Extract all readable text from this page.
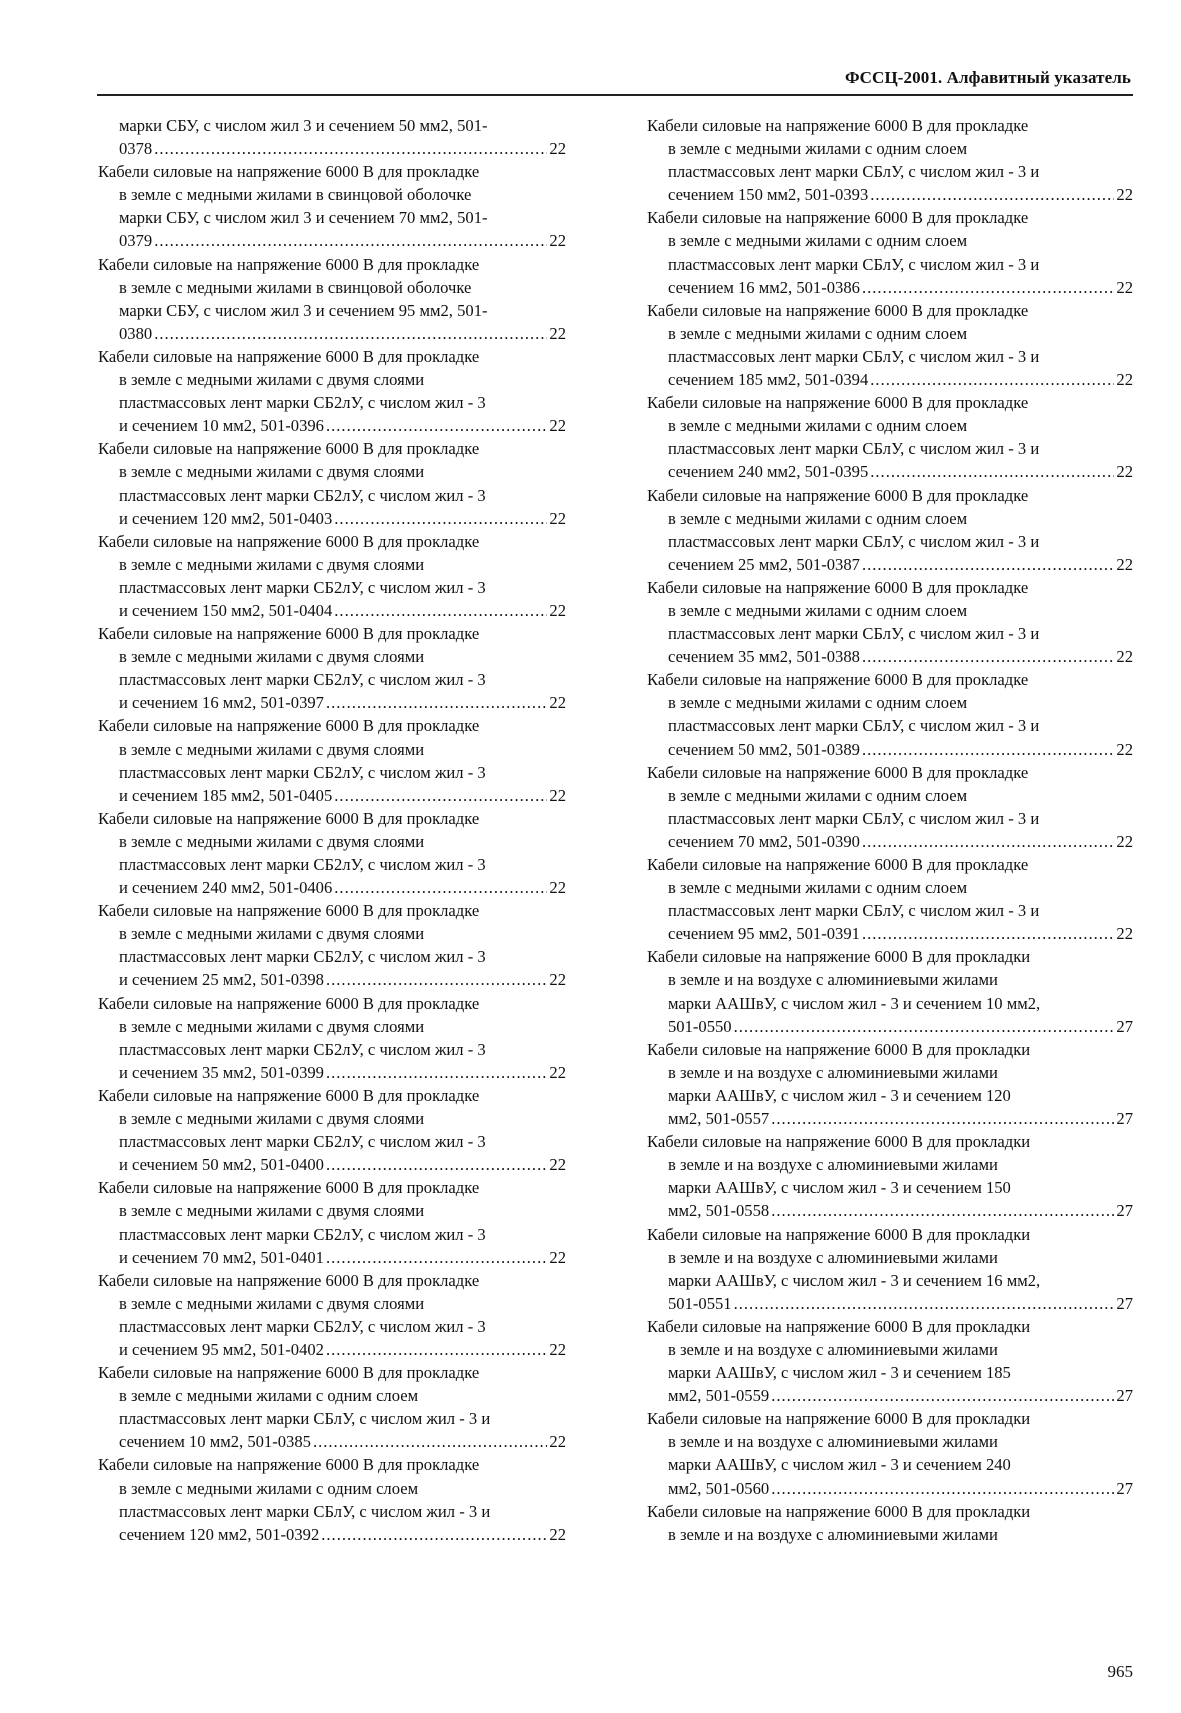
ФССЦ-2001. Алфавитный указатель
марки СБУ, с числом жил 3 и сечением 50 мм2, 501-
0378 .....	22
Кабели силовые на напряжение 6000 В для прокладке
в земле с медными жилами в свинцовой оболочке
марки СБУ, с числом жил 3 и сечением 70 мм2, 501-
0379 .....	22
Кабели силовые на напряжение 6000 В для прокладке
в земле с медными жилами в свинцовой оболочке
марки СБУ, с числом жил 3 и сечением 95 мм2, 501-
0380 .....	22
Кабели силовые на напряжение 6000 В для прокладке
в земле с медными жилами с двумя слоями
пластмассовых лент марки СБ2лУ, с числом жил - 3
и сечением 10 мм2, 501-0396 .....	22
Кабели силовые на напряжение 6000 В для прокладке
в земле с медными жилами с двумя слоями
пластмассовых лент марки СБ2лУ, с числом жил - 3
и сечением 120 мм2, 501-0403 .....	22
Кабели силовые на напряжение 6000 В для прокладке
в земле с медными жилами с двумя слоями
пластмассовых лент марки СБ2лУ, с числом жил - 3
и сечением 150 мм2, 501-0404 .....	22
Кабели силовые на напряжение 6000 В для прокладке
в земле с медными жилами с двумя слоями
пластмассовых лент марки СБ2лУ, с числом жил - 3
и сечением 16 мм2, 501-0397 .....	22
Кабели силовые на напряжение 6000 В для прокладке
в земле с медными жилами с двумя слоями
пластмассовых лент марки СБ2лУ, с числом жил - 3
и сечением 185 мм2, 501-0405 .....	22
Кабели силовые на напряжение 6000 В для прокладке
в земле с медными жилами с двумя слоями
пластмассовых лент марки СБ2лУ, с числом жил - 3
и сечением 240 мм2, 501-0406 .....	22
Кабели силовые на напряжение 6000 В для прокладке
в земле с медными жилами с двумя слоями
пластмассовых лент марки СБ2лУ, с числом жил - 3
и сечением 25 мм2, 501-0398 .....	22
Кабели силовые на напряжение 6000 В для прокладке
в земле с медными жилами с двумя слоями
пластмассовых лент марки СБ2лУ, с числом жил - 3
и сечением 35 мм2, 501-0399 .....	22
Кабели силовые на напряжение 6000 В для прокладке
в земле с медными жилами с двумя слоями
пластмассовых лент марки СБ2лУ, с числом жил - 3
и сечением 50 мм2, 501-0400 .....	22
Кабели силовые на напряжение 6000 В для прокладке
в земле с медными жилами с двумя слоями
пластмассовых лент марки СБ2лУ, с числом жил - 3
и сечением 70 мм2, 501-0401 .....	22
Кабели силовые на напряжение 6000 В для прокладке
в земле с медными жилами с двумя слоями
пластмассовых лент марки СБ2лУ, с числом жил - 3
и сечением 95 мм2, 501-0402 .....	22
Кабели силовые на напряжение 6000 В для прокладке
в земле с медными жилами с одним слоем
пластмассовых лент марки СБлУ, с числом жил - 3 и
сечением 10 мм2, 501-0385 .....	22
Кабели силовые на напряжение 6000 В для прокладке
в земле с медными жилами с одним слоем
пластмассовых лент марки СБлУ, с числом жил - 3 и
сечением 120 мм2, 501-0392 .....	22
Кабели силовые на напряжение 6000 В для прокладке
в земле с медными жилами с одним слоем
пластмассовых лент марки СБлУ, с числом жил - 3 и
сечением 150 мм2, 501-0393 .....	22
Кабели силовые на напряжение 6000 В для прокладке
в земле с медными жилами с одним слоем
пластмассовых лент марки СБлУ, с числом жил - 3 и
сечением 16 мм2, 501-0386 .....	22
Кабели силовые на напряжение 6000 В для прокладке
в земле с медными жилами с одним слоем
пластмассовых лент марки СБлУ, с числом жил - 3 и
сечением 185 мм2, 501-0394 .....	22
Кабели силовые на напряжение 6000 В для прокладке
в земле с медными жилами с одним слоем
пластмассовых лент марки СБлУ, с числом жил - 3 и
сечением 240 мм2, 501-0395 .....	22
Кабели силовые на напряжение 6000 В для прокладке
в земле с медными жилами с одним слоем
пластмассовых лент марки СБлУ, с числом жил - 3 и
сечением 25 мм2, 501-0387 .....	22
Кабели силовые на напряжение 6000 В для прокладке
в земле с медными жилами с одним слоем
пластмассовых лент марки СБлУ, с числом жил - 3 и
сечением 35 мм2, 501-0388 .....	22
Кабели силовые на напряжение 6000 В для прокладке
в земле с медными жилами с одним слоем
пластмассовых лент марки СБлУ, с числом жил - 3 и
сечением 50 мм2, 501-0389 .....	22
Кабели силовые на напряжение 6000 В для прокладке
в земле с медными жилами с одним слоем
пластмассовых лент марки СБлУ, с числом жил - 3 и
сечением 70 мм2, 501-0390 .....	22
Кабели силовые на напряжение 6000 В для прокладке
в земле с медными жилами с одним слоем
пластмассовых лент марки СБлУ, с числом жил - 3 и
сечением 95 мм2, 501-0391 .....	22
Кабели силовые на напряжение 6000 В для прокладки
в земле и на воздухе с алюминиевыми жилами
марки ААШвУ, с числом жил - 3 и сечением 10 мм2,
501-0550 .....	27
Кабели силовые на напряжение 6000 В для прокладки
в земле и на воздухе с алюминиевыми жилами
марки ААШвУ, с числом жил - 3 и сечением 120
мм2, 501-0557 .....	27
Кабели силовые на напряжение 6000 В для прокладки
в земле и на воздухе с алюминиевыми жилами
марки ААШвУ, с числом жил - 3 и сечением 150
мм2, 501-0558 .....	27
Кабели силовые на напряжение 6000 В для прокладки
в земле и на воздухе с алюминиевыми жилами
марки ААШвУ, с числом жил - 3 и сечением 16 мм2,
501-0551 .....	27
Кабели силовые на напряжение 6000 В для прокладки
в земле и на воздухе с алюминиевыми жилами
марки ААШвУ, с числом жил - 3 и сечением 185
мм2, 501-0559 .....	27
Кабели силовые на напряжение 6000 В для прокладки
в земле и на воздухе с алюминиевыми жилами
марки ААШвУ, с числом жил - 3 и сечением 240
мм2, 501-0560 .....	27
Кабели силовые на напряжение 6000 В для прокладки
в земле и на воздухе с алюминиевыми жилами
965
